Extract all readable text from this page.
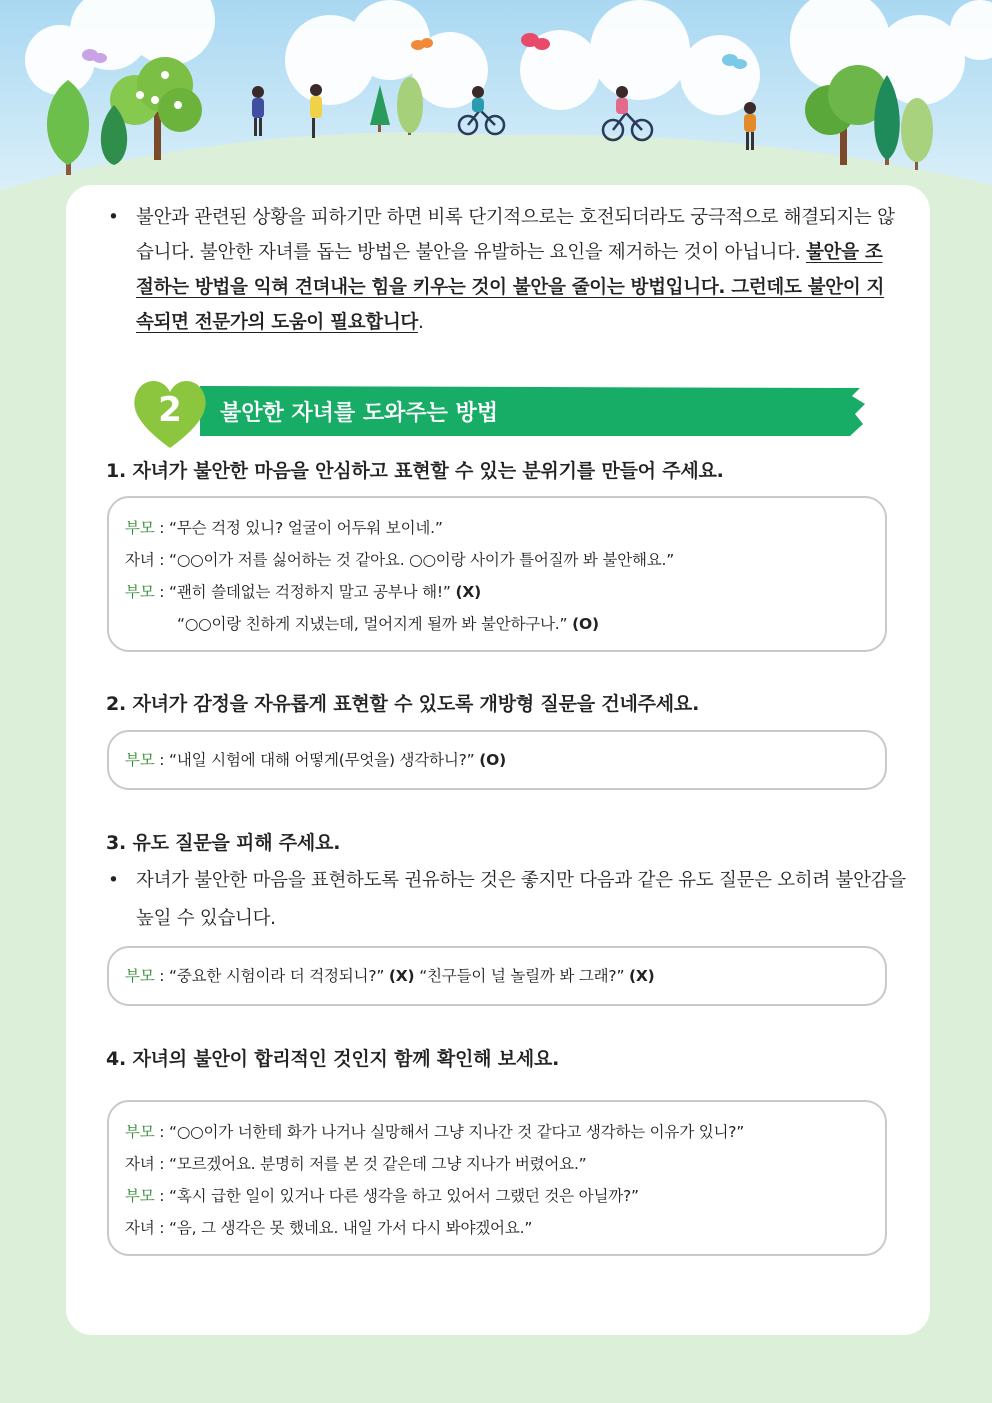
• 불안과 관련된 상황을 피하기만 하면 비록 단기적으로는 호전되더라도 궁극적으로 해결되지는 않습니다. 불안한 자녀를 돕는 방법은 불안을 유발하는 요인을 제거하는 것이 아닙니다. 불안을 조절하는 방법을 익혀 견뎌내는 힘을 키우는 것이 불안을 줄이는 방법입니다. 그런데도 불안이 지속되면 전문가의 도움이 필요합니다.
2 불안한 자녀를 도와주는 방법
1. 자녀가 불안한 마음을 안심하고 표현할 수 있는 분위기를 만들어 주세요.
부모 : “무슨 걱정 있니? 얼굴이 어두워 보이네.”
자녀 : “○○이가 저를 싫어하는 것 같아요. ○○이랑 사이가 틀어질까 봐 불안해요.”
부모 : “괜히 쓸데없는 걱정하지 말고 공부나 해!” (X)
“○○이랑 친하게 지냈는데, 멀어지게 될까 봐 불안하구나.” (O)
2. 자녀가 감정을 자유롭게 표현할 수 있도록 개방형 질문을 건네주세요.
부모 : “내일 시험에 대해 어떻게(무엇을) 생각하니?” (O)
3. 유도 질문을 피해 주세요.
• 자녀가 불안한 마음을 표현하도록 권유하는 것은 좋지만 다음과 같은 유도 질문은 오히려 불안감을 높일 수 있습니다.
부모 : “중요한 시험이라 더 걱정되니?” (X) “친구들이 널 놀릴까 봐 그래?” (X)
4. 자녀의 불안이 합리적인 것인지 함께 확인해 보세요.
부모 : “○○이가 너한테 화가 나거나 실망해서 그냥 지나간 것 같다고 생각하는 이유가 있니?”
자녀 : “모르겠어요. 분명히 저를 본 것 같은데 그냥 지나가 버렸어요.”
부모 : “혹시 급한 일이 있거나 다른 생각을 하고 있어서 그랬던 것은 아닐까?”
자녀 : “음, 그 생각은 못 했네요. 내일 가서 다시 봐야겠어요.”
